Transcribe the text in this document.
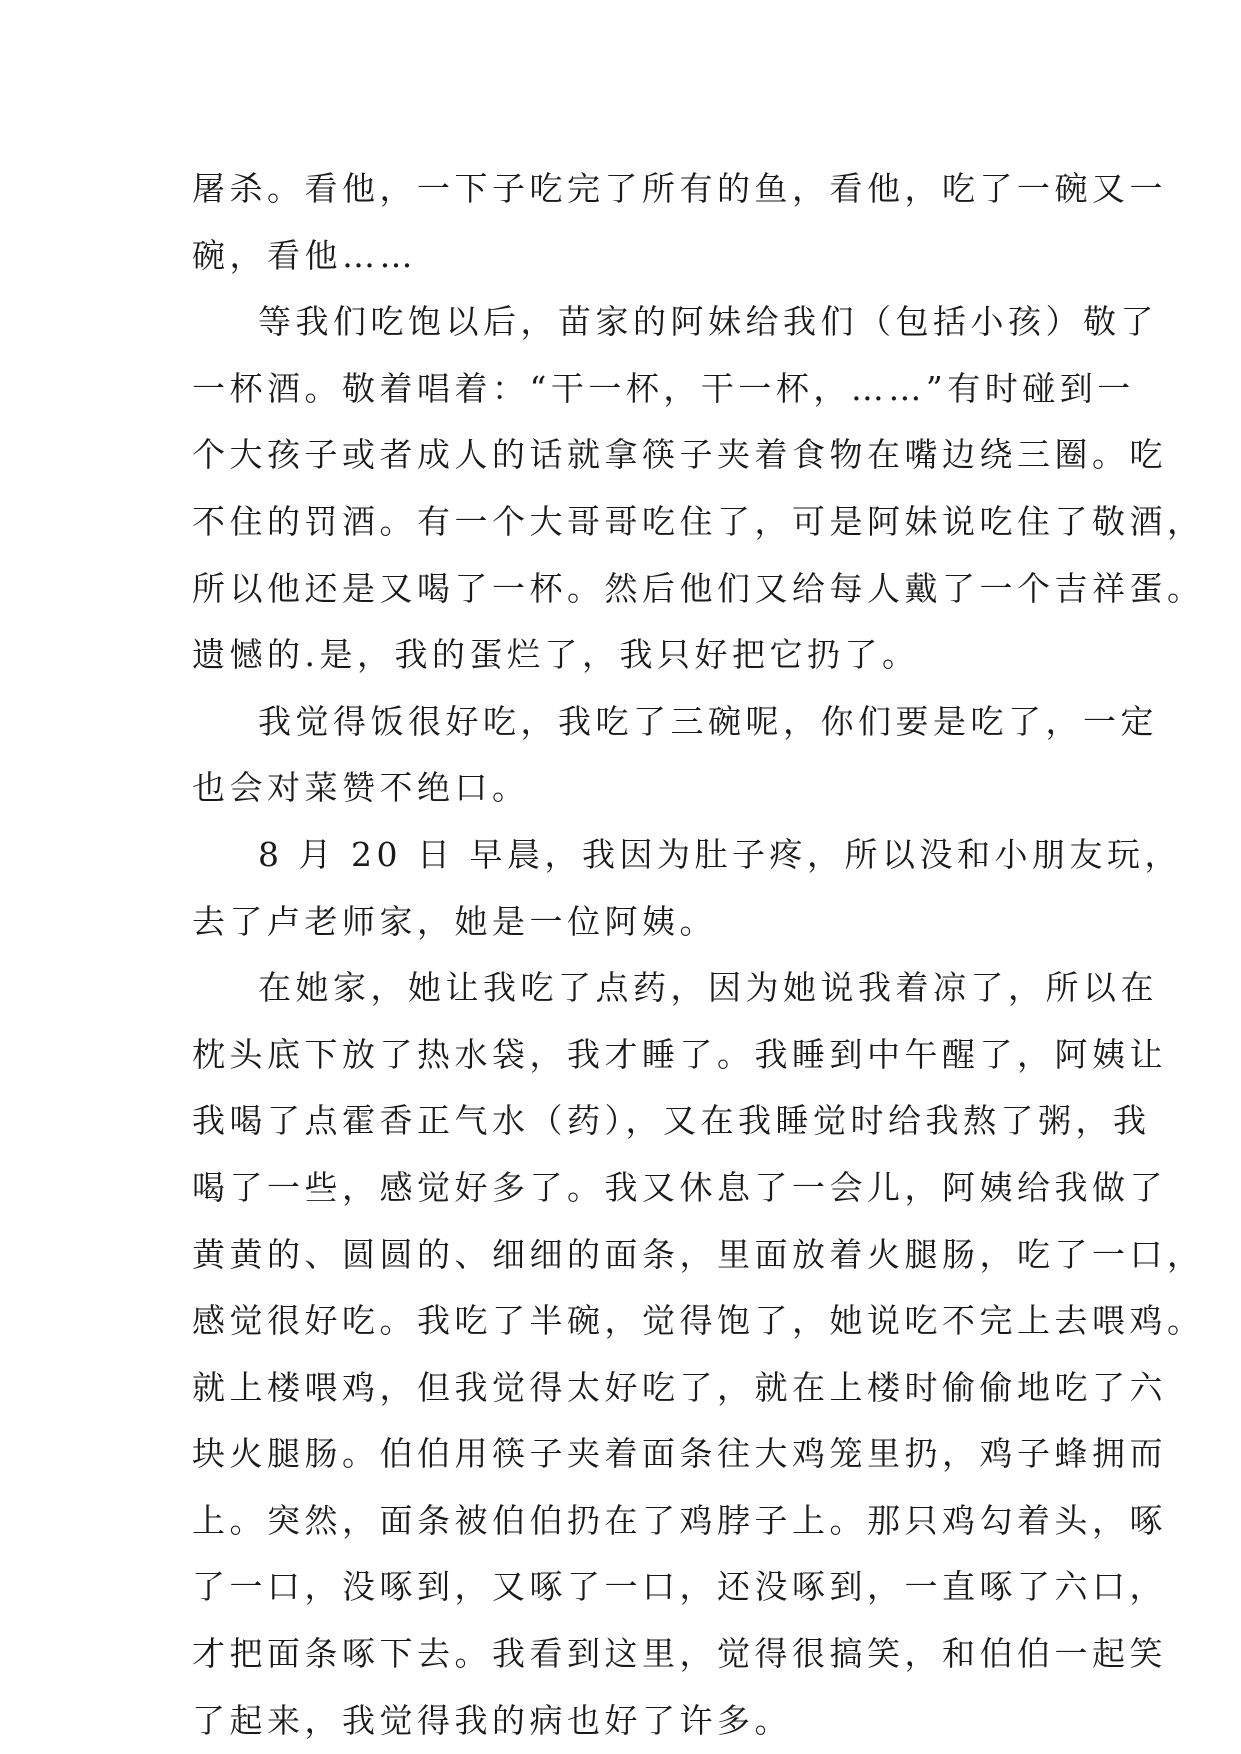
屠杀。看他，一下子吃完了所有的鱼，看他，吃了一碗又一
碗，看他……
等我们吃饱以后，苗家的阿妹给我们（包括小孩）敬了
一杯酒。敬着唱着：“干一杯，干一杯，……”有时碰到一
个大孩子或者成人的话就拿筷子夹着食物在嘴边绕三圈。吃
不住的罚酒。有一个大哥哥吃住了，可是阿妹说吃住了敬酒，
所以他还是又喝了一杯。然后他们又给每人戴了一个吉祥蛋。
遗憾的.是，我的蛋烂了，我只好把它扔了。
我觉得饭很好吃，我吃了三碗呢，你们要是吃了，一定
也会对菜赞不绝口。
8 月 20 日 早晨，我因为肚子疼，所以没和小朋友玩，
去了卢老师家，她是一位阿姨。
在她家，她让我吃了点药，因为她说我着凉了，所以在
枕头底下放了热水袋，我才睡了。我睡到中午醒了，阿姨让
我喝了点霍香正气水（药），又在我睡觉时给我熬了粥，我
喝了一些，感觉好多了。我又休息了一会儿，阿姨给我做了
黄黄的、圆圆的、细细的面条，里面放着火腿肠，吃了一口，
感觉很好吃。我吃了半碗，觉得饱了，她说吃不完上去喂鸡。
就上楼喂鸡，但我觉得太好吃了，就在上楼时偷偷地吃了六
块火腿肠。伯伯用筷子夹着面条往大鸡笼里扔，鸡子蜂拥而
上。突然，面条被伯伯扔在了鸡脖子上。那只鸡勾着头，啄
了一口，没啄到，又啄了一口，还没啄到，一直啄了六口，
才把面条啄下去。我看到这里，觉得很搞笑，和伯伯一起笑
了起来，我觉得我的病也好了许多。
